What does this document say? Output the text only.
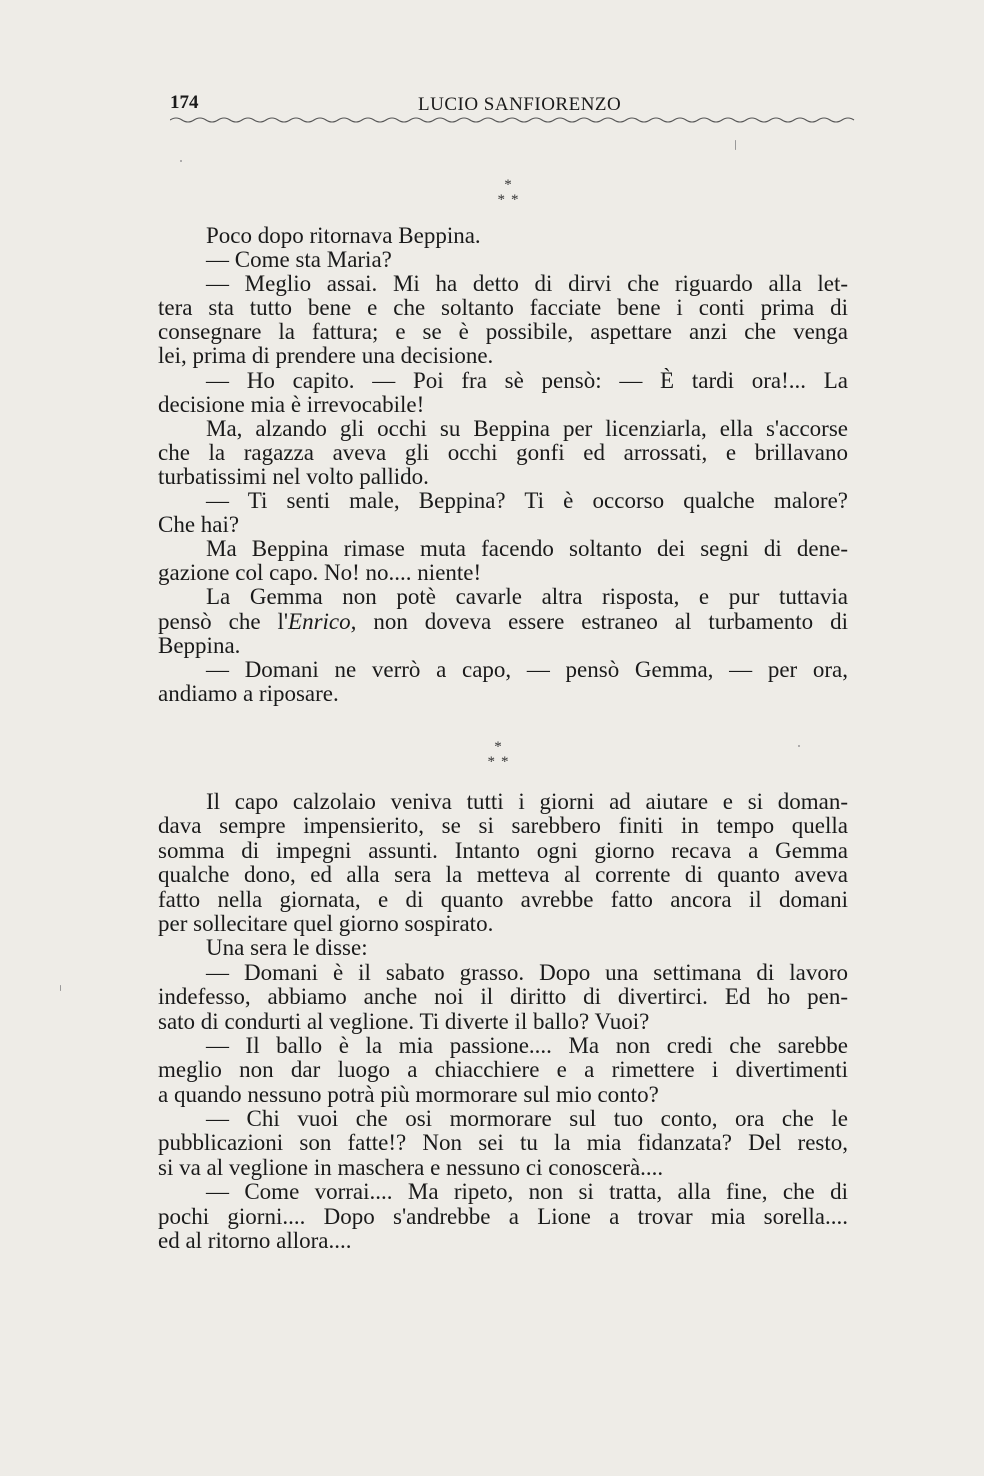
174	LUCIO SANFIORENZO
*
**
Poco dopo ritornava Beppina.
— Come sta Maria?
— Meglio assai. Mi ha detto di dirvi che riguardo alla let-
tera sta tutto bene e che soltanto facciate bene i conti prima di
consegnare la fattura; e se è possibile, aspettare anzi che venga
lei, prima di prendere una decisione.
— Ho capito. — Poi fra sè pensò: — È tardi ora!... La
decisione mia è irrevocabile!
Ma, alzando gli occhi su Beppina per licenziarla, ella s'accorse
che la ragazza aveva gli occhi gonfi ed arrossati, e brillavano
turbatissimi nel volto pallido.
— Ti senti male, Beppina? Ti è occorso qualche malore?
Che hai?
Ma Beppina rimase muta facendo soltanto dei segni di dene-
gazione col capo. No! no.... niente!
La Gemma non potè cavarle altra risposta, e pur tuttavia
pensò che l'Enrico, non doveva essere estraneo al turbamento di
Beppina.
— Domani ne verrò a capo, — pensò Gemma, — per ora,
andiamo a riposare.
*
**
Il capo calzolaio veniva tutti i giorni ad aiutare e si doman-
dava sempre impensierito, se si sarebbero finiti in tempo quella
somma di impegni assunti. Intanto ogni giorno recava a Gemma
qualche dono, ed alla sera la metteva al corrente di quanto aveva
fatto nella giornata, e di quanto avrebbe fatto ancora il domani
per sollecitare quel giorno sospirato.
Una sera le disse:
— Domani è il sabato grasso. Dopo una settimana di lavoro
indefesso, abbiamo anche noi il diritto di divertirci. Ed ho pen-
sato di condurti al veglione. Ti diverte il ballo? Vuoi?
— Il ballo è la mia passione.... Ma non credi che sarebbe
meglio non dar luogo a chiacchiere e a rimettere i divertimenti
a quando nessuno potrà più mormorare sul mio conto?
— Chi vuoi che osi mormorare sul tuo conto, ora che le
pubblicazioni son fatte!? Non sei tu la mia fidanzata? Del resto,
si va al veglione in maschera e nessuno ci conoscerà....
— Come vorrai.... Ma ripeto, non si tratta, alla fine, che di
pochi giorni.... Dopo s'andrebbe a Lione a trovar mia sorella....
ed al ritorno allora....
